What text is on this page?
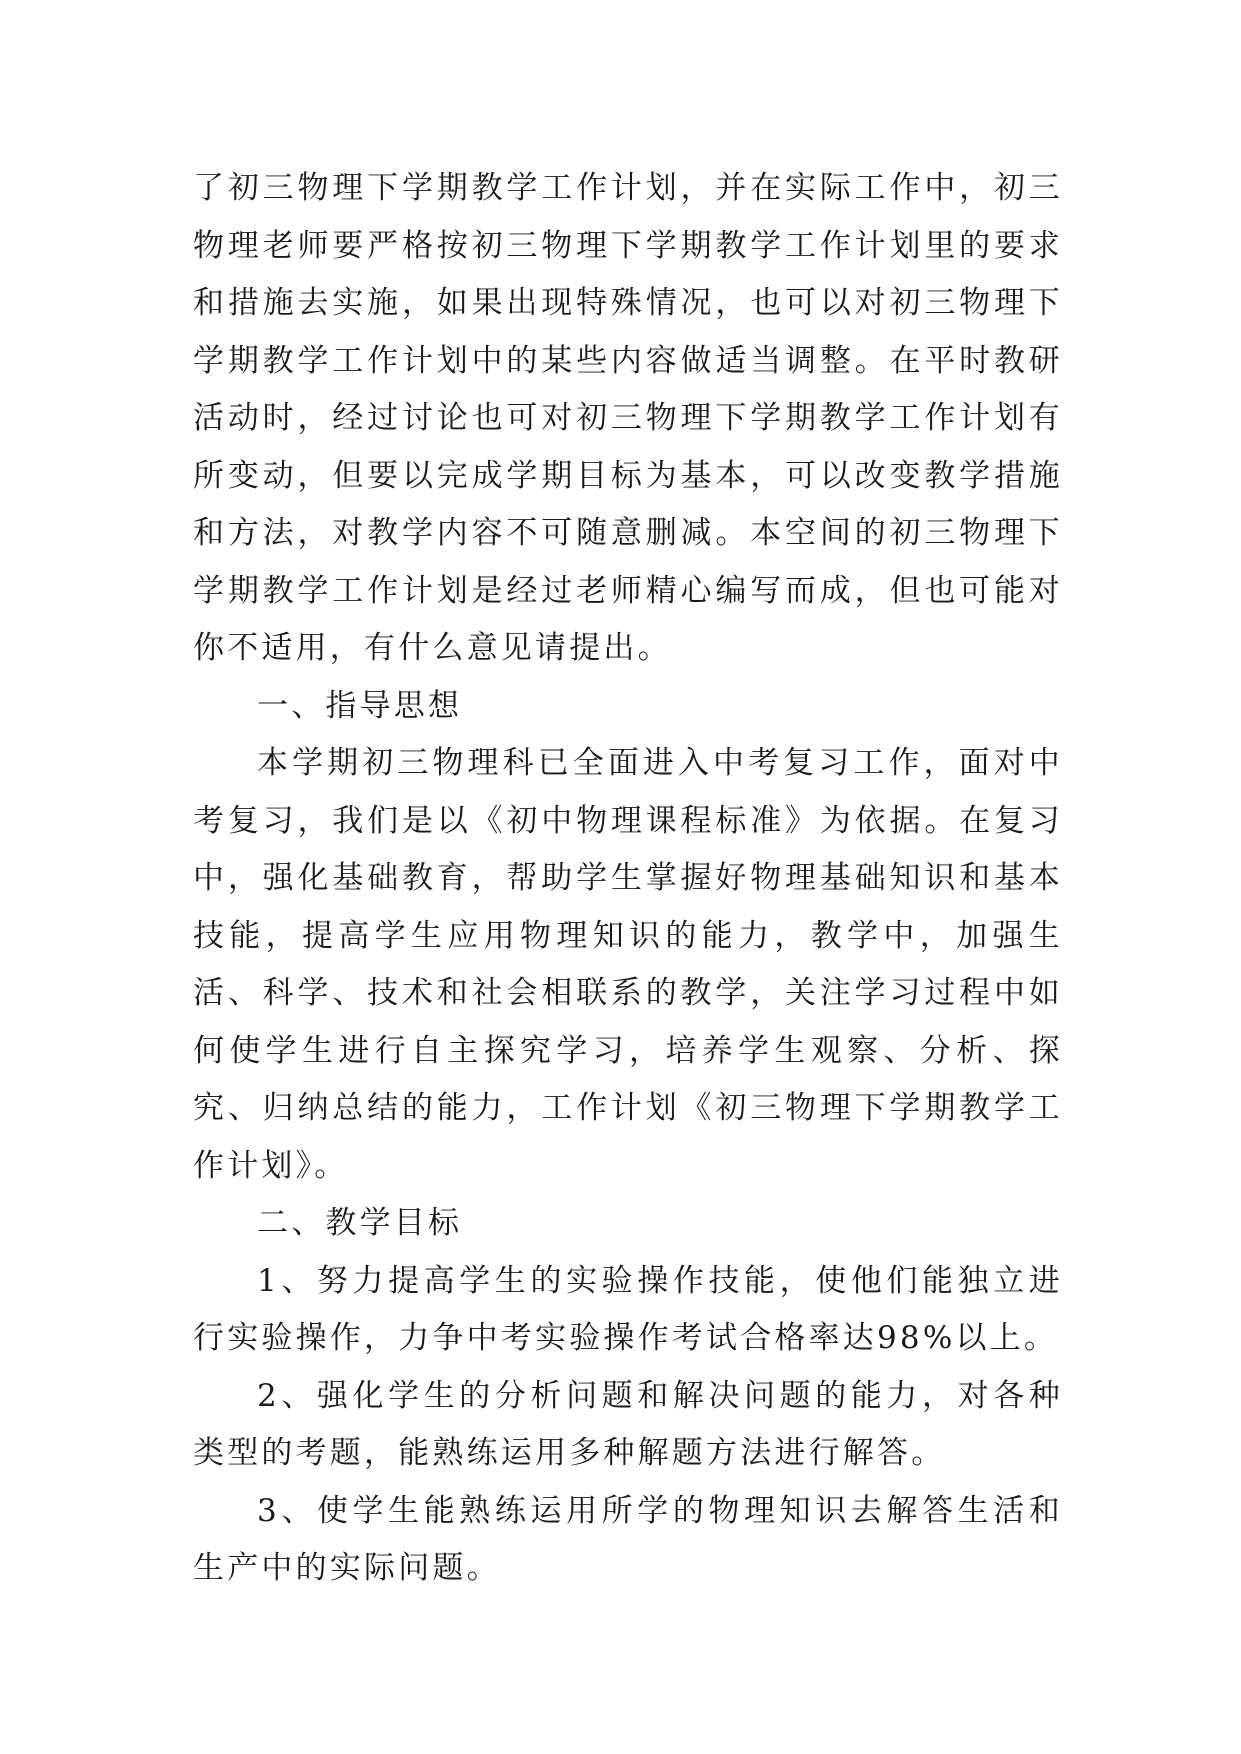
了初三物理下学期教学工作计划，并在实际工作中，初三物理老师要严格按初三物理下学期教学工作计划里的要求和措施去实施，如果出现特殊情况，也可以对初三物理下学期教学工作计划中的某些内容做适当调整。在平时教研活动时，经过讨论也可对初三物理下学期教学工作计划有所变动，但要以完成学期目标为基本，可以改变教学措施和方法，对教学内容不可随意删减。本空间的初三物理下学期教学工作计划是经过老师精心编写而成，但也可能对你不适用，有什么意见请提出。

一、指导思想

本学期初三物理科已全面进入中考复习工作，面对中考复习，我们是以《初中物理课程标准》为依据。在复习中，强化基础教育，帮助学生掌握好物理基础知识和基本技能，提高学生应用物理知识的能力，教学中，加强生活、科学、技术和社会相联系的教学，关注学习过程中如何使学生进行自主探究学习，培养学生观察、分析、探究、归纳总结的能力，工作计划《初三物理下学期教学工作计划》。

二、教学目标

1、努力提高学生的实验操作技能，使他们能独立进行实验操作，力争中考实验操作考试合格率达98%以上。

2、强化学生的分析问题和解决问题的能力，对各种类型的考题，能熟练运用多种解题方法进行解答。

3、使学生能熟练运用所学的物理知识去解答生活和生产中的实际问题。
